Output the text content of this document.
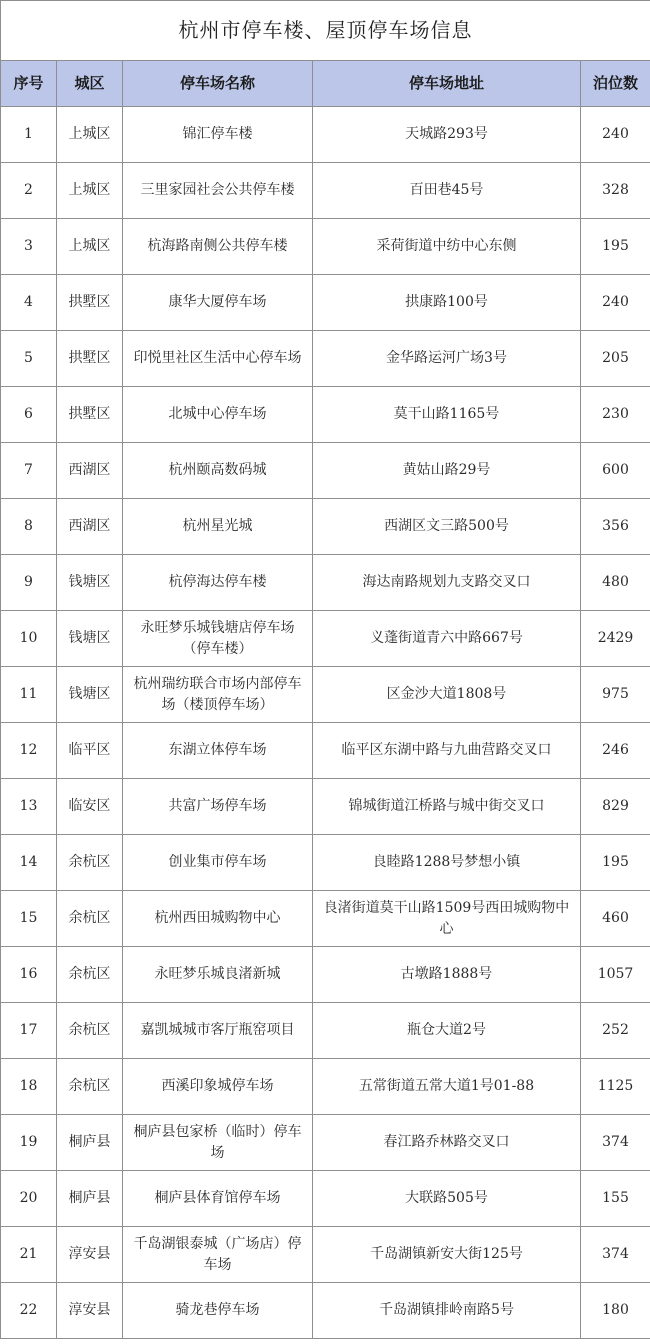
杭州市停车楼、屋顶停车场信息				
序号	城区	停车场名称	停车场地址	泊位数
1	上城区	锦汇停车楼	天城路293号	240
2	上城区	三里家园社会公共停车楼	百田巷45号	328
3	上城区	杭海路南侧公共停车楼	采荷街道中纺中心东侧	195
4	拱墅区	康华大厦停车场	拱康路100号	240
5	拱墅区	印悦里社区生活中心停车场	金华路运河广场3号	205
6	拱墅区	北城中心停车场	莫干山路1165号	230
7	西湖区	杭州颐高数码城	黄姑山路29号	600
8	西湖区	杭州星光城	西湖区文三路500号	356
9	钱塘区	杭停海达停车楼	海达南路规划九支路交叉口	480
10	钱塘区	永旺梦乐城钱塘店停车场（停车楼）	义蓬街道青六中路667号	2429
11	钱塘区	杭州瑞纺联合市场内部停车场（楼顶停车场）	区金沙大道1808号	975
12	临平区	东湖立体停车场	临平区东湖中路与九曲营路交叉口	246
13	临安区	共富广场停车场	锦城街道江桥路与城中街交叉口	829
14	余杭区	创业集市停车场	良睦路1288号梦想小镇	195
15	余杭区	杭州西田城购物中心	良渚街道莫干山路1509号西田城购物中心	460
16	余杭区	永旺梦乐城良渚新城	古墩路1888号	1057
17	余杭区	嘉凯城城市客厅瓶窑项目	瓶仓大道2号	252
18	余杭区	西溪印象城停车场	五常街道五常大道1号01-88	1125
19	桐庐县	桐庐县包家桥（临时）停车场	春江路乔林路交叉口	374
20	桐庐县	桐庐县体育馆停车场	大联路505号	155
21	淳安县	千岛湖银泰城（广场店）停车场	千岛湖镇新安大街125号	374
22	淳安县	骑龙巷停车场	千岛湖镇排岭南路5号	180
